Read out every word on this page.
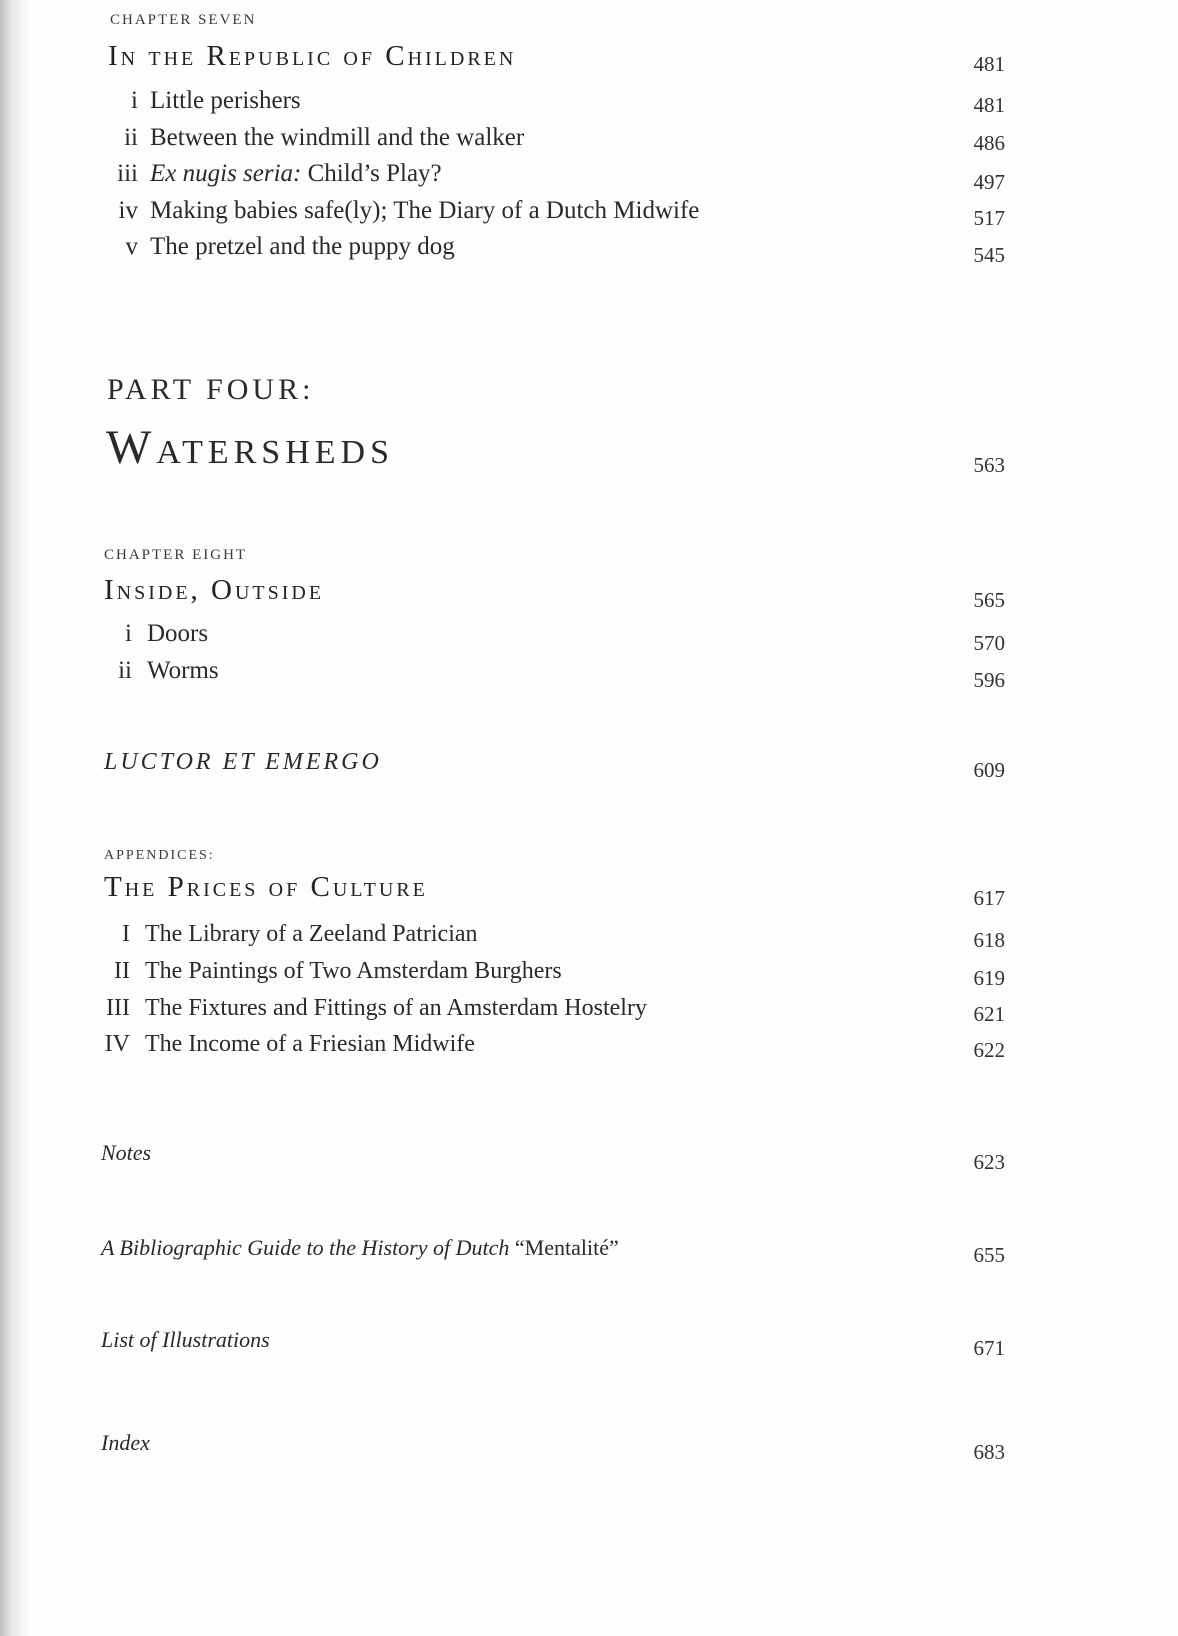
CHAPTER SEVEN
In the Republic of Children	481
i Little perishers	481
ii Between the windmill and the walker	486
iii Ex nugis seria: Child’s Play?	497
iv Making babies safe(ly); The Diary of a Dutch Midwife	517
v The pretzel and the puppy dog	545
PART FOUR:
Watersheds	563
CHAPTER EIGHT
Inside, Outside	565
i Doors	570
ii Worms	596
LUCTOR ET EMERGO	609
APPENDICES:
The Prices of Culture	617
I The Library of a Zeeland Patrician	618
II The Paintings of Two Amsterdam Burghers	619
III The Fixtures and Fittings of an Amsterdam Hostelry	621
IV The Income of a Friesian Midwife	622
Notes	623
A Bibliographic Guide to the History of Dutch “Mentalité”	655
List of Illustrations	671
Index	683
